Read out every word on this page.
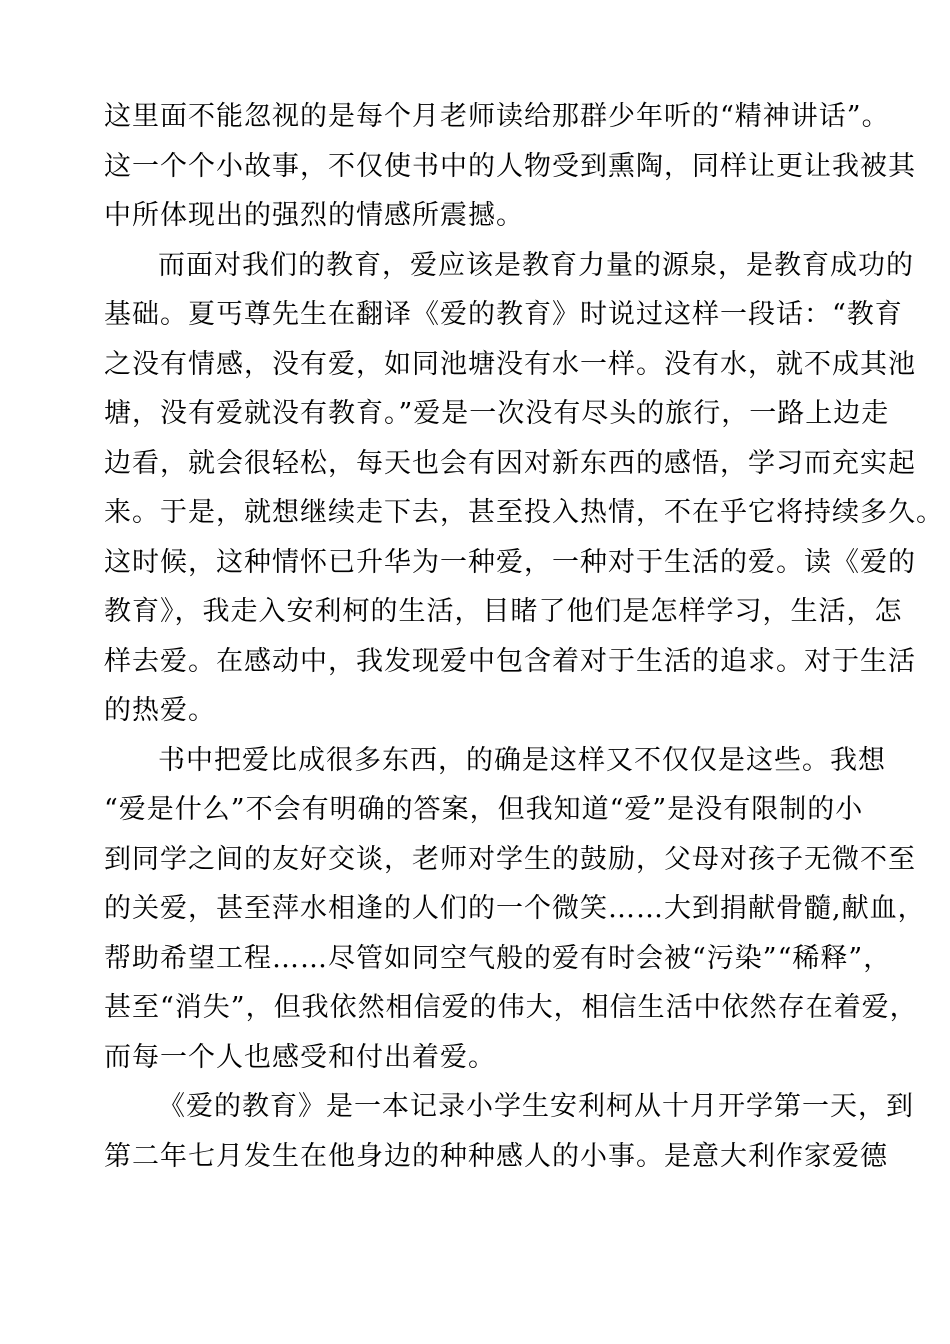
这里面不能忽视的是每个月老师读给那群少年听的“精神讲话”。
这一个个小故事，不仅使书中的人物受到熏陶，同样让更让我被其
中所体现出的强烈的情感所震撼。

而面对我们的教育，爱应该是教育力量的源泉，是教育成功的
基础。夏丐尊先生在翻译《爱的教育》时说过这样一段话：“教育
之没有情感，没有爱，如同池塘没有水一样。没有水，就不成其池
塘，没有爱就没有教育。”爱是一次没有尽头的旅行，一路上边走
边看，就会很轻松，每天也会有因对新东西的感悟，学习而充实起
来。于是，就想继续走下去，甚至投入热情，不在乎它将持续多久。
这时候，这种情怀已升华为一种爱，一种对于生活的爱。读《爱的
教育》，我走入安利柯的生活，目睹了他们是怎样学习，生活，怎
样去爱。在感动中，我发现爱中包含着对于生活的追求。对于生活
的热爱。

书中把爱比成很多东西，的确是这样又不仅仅是这些。我想
“爱是什么”不会有明确的答案，但我知道“爱”是没有限制的小
到同学之间的友好交谈，老师对学生的鼓励，父母对孩子无微不至
的关爱，甚至萍水相逢的人们的一个微笑……大到捐献骨髓,献血，
帮助希望工程……尽管如同空气般的爱有时会被“污染”“稀释”，
甚至“消失”，但我依然相信爱的伟大，相信生活中依然存在着爱，
而每一个人也感受和付出着爱。

《爱的教育》是一本记录小学生安利柯从十月开学第一天，到
第二年七月发生在他身边的种种感人的小事。是意大利作家爱德
